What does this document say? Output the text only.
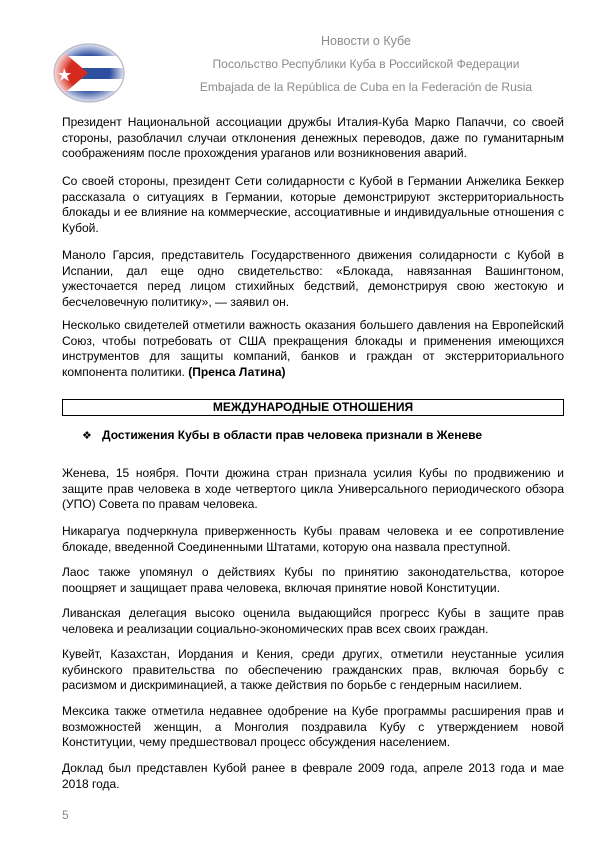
Новости о Кубе
Посольство Республики Куба в Российской Федерации
Embajada de la República de Cuba en la Federación de Rusia

Президент Национальной ассоциации дружбы Италия-Куба Марко Папаччи, со своей стороны, разоблачил случаи отклонения денежных переводов, даже по гуманитарным соображениям после прохождения ураганов или возникновения аварий.

Со своей стороны, президент Сети солидарности с Кубой в Германии Анжелика Беккер рассказала о ситуациях в Германии, которые демонстрируют экстерриториальность блокады и ее влияние на коммерческие, ассоциативные и индивидуальные отношения с Кубой.

Маноло Гарсия, представитель Государственного движения солидарности с Кубой в Испании, дал еще одно свидетельство: «Блокада, навязанная Вашингтоном, ужесточается перед лицом стихийных бедствий, демонстрируя свою жестокую и бесчеловечную политику», — заявил он.

Несколько свидетелей отметили важность оказания большего давления на Европейский Союз, чтобы потребовать от США прекращения блокады и применения имеющихся инструментов для защиты компаний, банков и граждан от экстерриториального компонента политики. (Пренса Латина)

МЕЖДУНАРОДНЫЕ ОТНОШЕНИЯ
❖ Достижения Кубы в области прав человека признали в Женеве

Женева, 15 ноября. Почти дюжина стран признала усилия Кубы по продвижению и защите прав человека в ходе четвертого цикла Универсального периодического обзора (УПО) Совета по правам человека.

Никарагуа подчеркнула приверженность Кубы правам человека и ее сопротивление блокаде, введенной Соединенными Штатами, которую она назвала преступной.

Лаос также упомянул о действиях Кубы по принятию законодательства, которое поощряет и защищает права человека, включая принятие новой Конституции.

Ливанская делегация высоко оценила выдающийся прогресс Кубы в защите прав человека и реализации социально-экономических прав всех своих граждан.

Кувейт, Казахстан, Иордания и Кения, среди других, отметили неустанные усилия кубинского правительства по обеспечению гражданских прав, включая борьбу с расизмом и дискриминацией, а также действия по борьбе с гендерным насилием.

Мексика также отметила недавнее одобрение на Кубе программы расширения прав и возможностей женщин, а Монголия поздравила Кубу с утверждением новой Конституции, чему предшествовал процесс обсуждения населением.

Доклад был представлен Кубой ранее в феврале 2009 года, апреле 2013 года и мае 2018 года.

5
